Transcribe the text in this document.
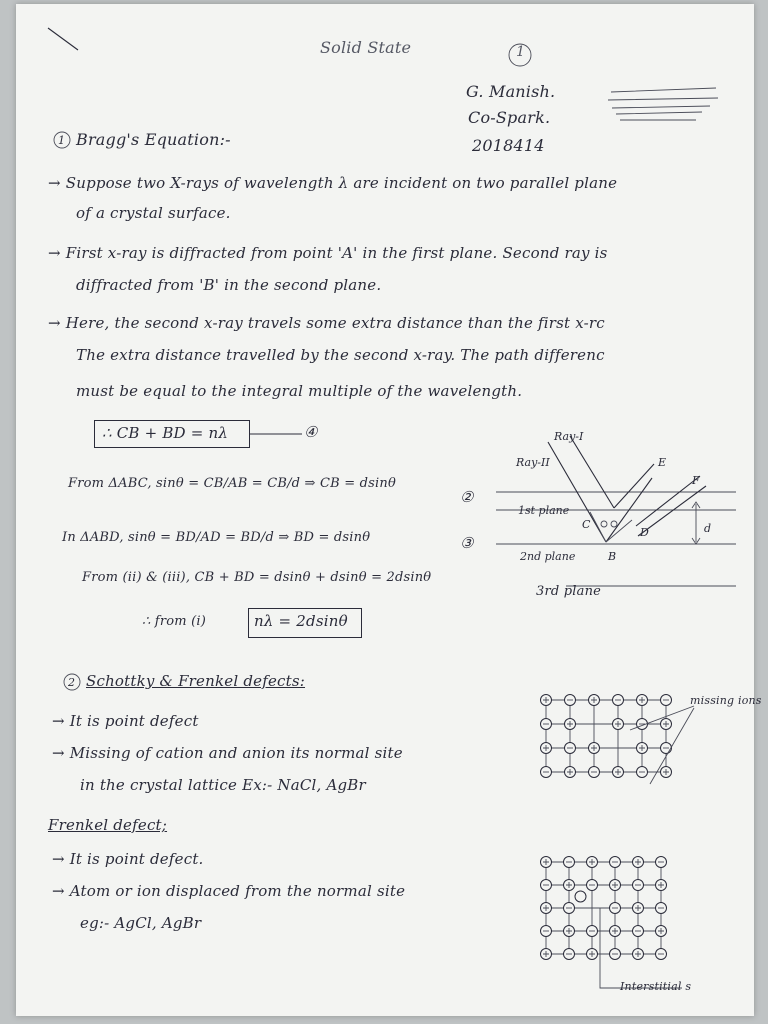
Solid State	1
G. Manish.
Co-Spark.
2018414
1 Bragg's Equation:-
→ Suppose two X-rays of wavelength λ are incident on two parallel plane
of a crystal surface.
→ First x-ray is diffracted from point 'A' in the first plane. Second ray is
diffracted from 'B' in the second plane.
→ Here, the second x-ray travels some extra distance than the first x-rc
The extra distance travelled by the second x-ray. The path differenc
must be equal to the integral multiple of the wavelength.
∴ CB + BD = nλ	④
From ΔABC, sinθ = CB/AB = CB/d ⇒ CB = dsinθ
②
In ΔABD, sinθ = BD/AD = BD/d ⇒ BD = dsinθ	③
From (ii) & (iii), CB + BD = dsinθ + dsinθ = 2dsinθ
∴ from (i)	nλ = 2dsinθ
Ray-I
Ray-II
1st plane
2nd plane
C
B
D
E
F
d
3rd plane
2 Schottky & Frenkel defects:
→ It is point defect
→ Missing of cation and anion its normal site
in the crystal lattice Ex:- NaCl, AgBr
Frenkel defect;
→ It is point defect.
→ Atom or ion displaced from the normal site
eg:- AgCl, AgBr
missing ions
Interstitial s
